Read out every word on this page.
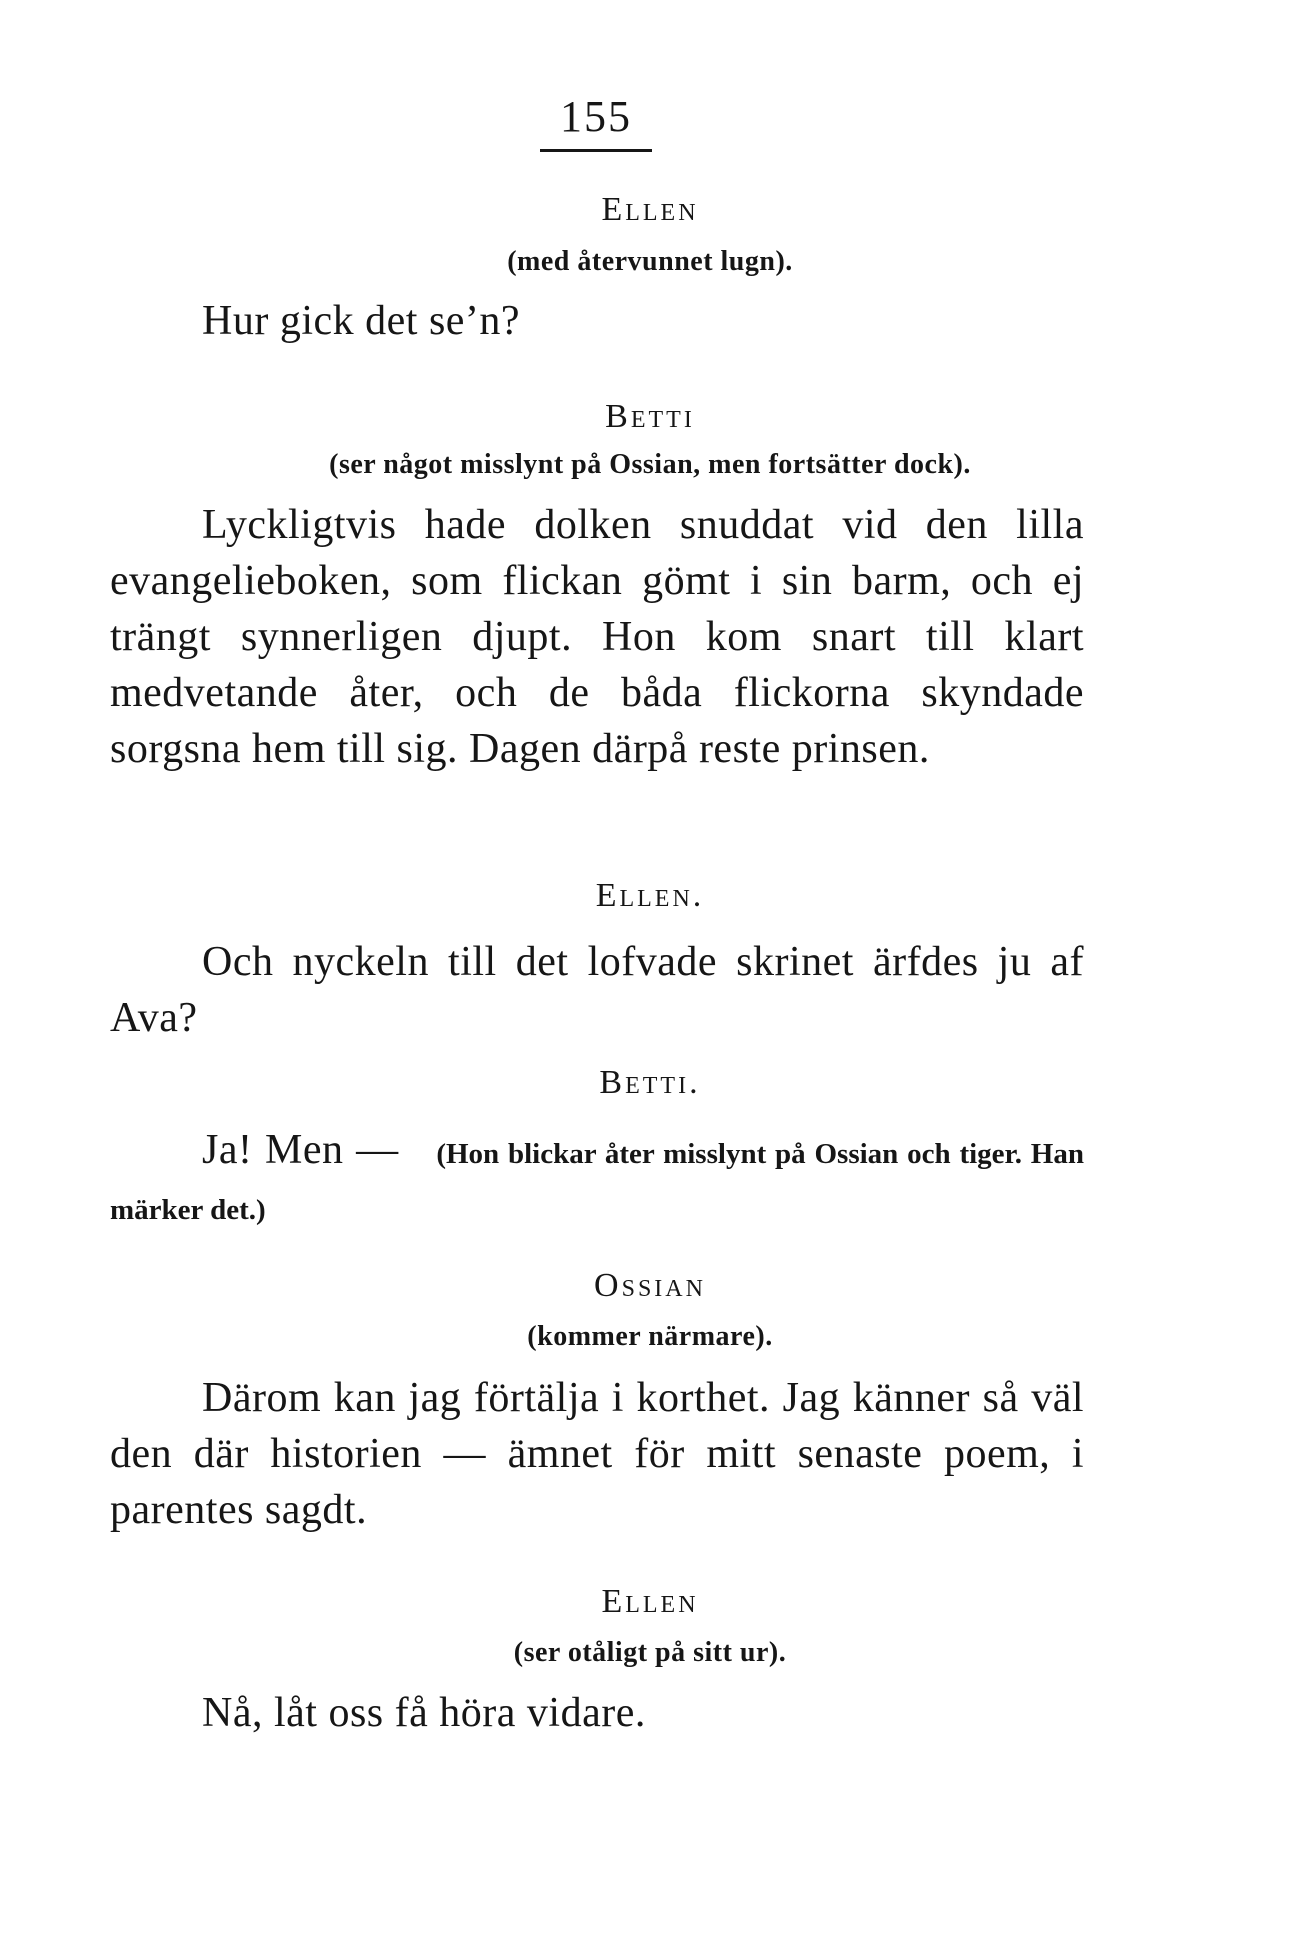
155
Ellen
(med återvunnet lugn).

Hur gick det se’n?

Betti
(ser något misslynt på Ossian, men fortsätter dock).

Lyckligtvis hade dolken snuddat vid den lilla evangelieboken, som flickan gömt i sin barm, och ej trängt synnerligen djupt. Hon kom snart till klart medvetande åter, och de båda flickorna skyndade sorgsna hem till sig. Dagen därpå reste prinsen.

Ellen.

Och nyckeln till det lofvade skrinet ärfdes ju af Ava?

Betti.

Ja! Men — (Hon blickar åter misslynt på Ossian och tiger. Han märker det.)

Ossian
(kommer närmare).

Därom kan jag förtälja i korthet. Jag känner så väl den där historien — ämnet för mitt senaste poem, i parentes sagdt.

Ellen
(ser otåligt på sitt ur).

Nå, låt oss få höra vidare.
